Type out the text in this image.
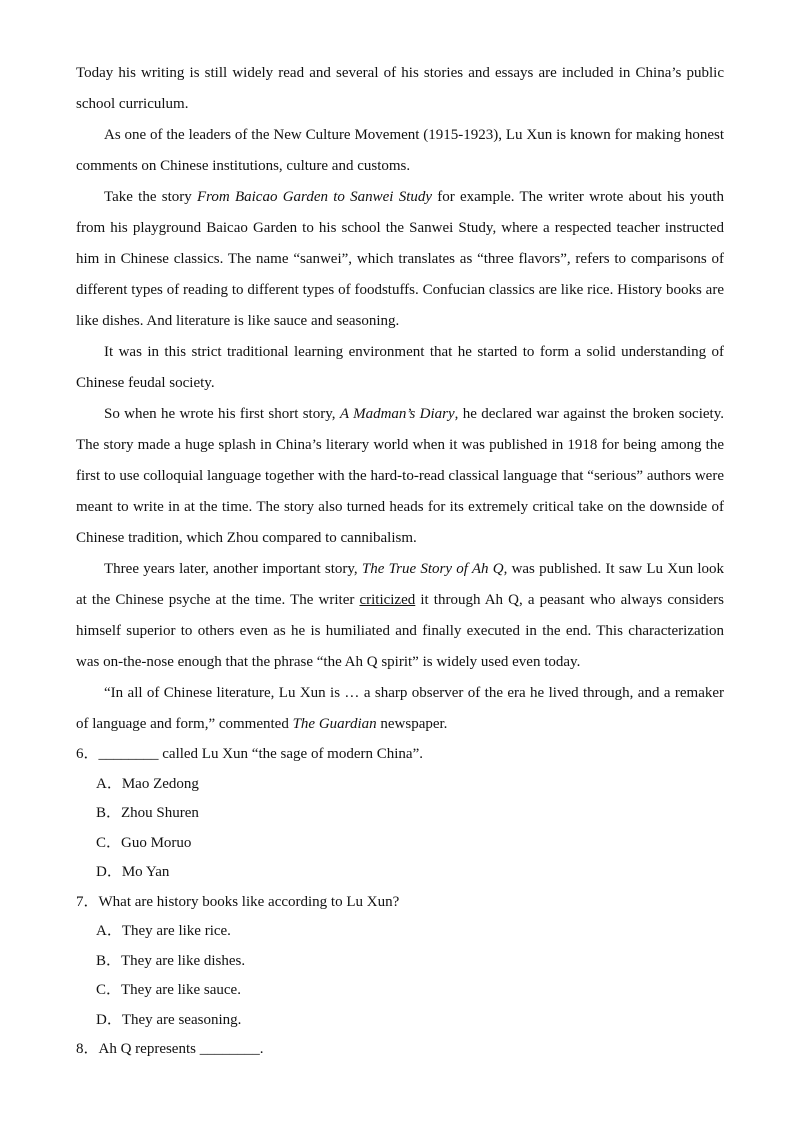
Today his writing is still widely read and several of his stories and essays are included in China’s public school curriculum.

As one of the leaders of the New Culture Movement (1915-1923), Lu Xun is known for making honest comments on Chinese institutions, culture and customs.

Take the story From Baicao Garden to Sanwei Study for example. The writer wrote about his youth from his playground Baicao Garden to his school the Sanwei Study, where a respected teacher instructed him in Chinese classics. The name “sanwei”, which translates as “three flavors”, refers to comparisons of different types of reading to different types of foodstuffs. Confucian classics are like rice. History books are like dishes. And literature is like sauce and seasoning.

It was in this strict traditional learning environment that he started to form a solid understanding of Chinese feudal society.

So when he wrote his first short story, A Madman’s Diary, he declared war against the broken society. The story made a huge splash in China’s literary world when it was published in 1918 for being among the first to use colloquial language together with the hard-to-read classical language that “serious” authors were meant to write in at the time. The story also turned heads for its extremely critical take on the downside of Chinese tradition, which Zhou compared to cannibalism.

Three years later, another important story, The True Story of Ah Q, was published. It saw Lu Xun look at the Chinese psyche at the time. The writer criticized it through Ah Q, a peasant who always considers himself superior to others even as he is humiliated and finally executed in the end. This characterization was on-the-nose enough that the phrase “the Ah Q spirit” is widely used even today.

“In all of Chinese literature, Lu Xun is … a sharp observer of the era he lived through, and a remaker of language and form,” commented The Guardian newspaper.

6．________ called Lu Xun “the sage of modern China”.

A．Mao Zedong

B．Zhou Shuren

C．Guo Moruo

D．Mo Yan

7．What are history books like according to Lu Xun?

A．They are like rice.

B．They are like dishes.

C．They are like sauce.

D．They are seasoning.

8．Ah Q represents ________.
